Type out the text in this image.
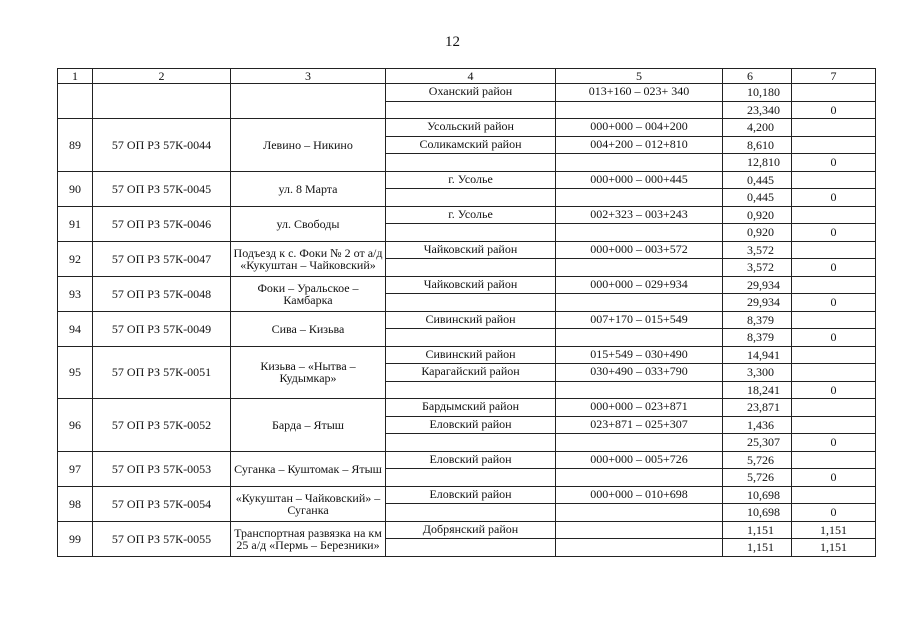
12
1	2	3	4	5	6	7
			Оханский район	013+160 – 023+ 340	10,180	
					23,340	0
89	57 ОП РЗ 57К-0044	Левино – Никино	Усольский район	000+000 – 004+200	4,200	
			Соликамский район	004+200 – 012+810	8,610	
					12,810	0
90	57 ОП РЗ 57К-0045	ул. 8 Марта	г. Усолье	000+000 – 000+445	0,445	
					0,445	0
91	57 ОП РЗ 57К-0046	ул. Свободы	г. Усолье	002+323 – 003+243	0,920	
					0,920	0
92	57 ОП РЗ 57К-0047	Подъезд к с. Фоки № 2 от а/д «Кукуштан – Чайковский»	Чайковский район	000+000 – 003+572	3,572	
					3,572	0
93	57 ОП РЗ 57К-0048	Фоки – Уральское – Камбарка	Чайковский район	000+000 – 029+934	29,934	
					29,934	0
94	57 ОП РЗ 57К-0049	Сива – Кизьва	Сивинский район	007+170 – 015+549	8,379	
					8,379	0
95	57 ОП РЗ 57К-0051	Кизьва – «Нытва – Кудымкар»	Сивинский район	015+549 – 030+490	14,941	
			Карагайский район	030+490 – 033+790	3,300	
					18,241	0
96	57 ОП РЗ 57К-0052	Барда – Ятыш	Бардымский район	000+000 – 023+871	23,871	
			Еловский район	023+871 – 025+307	1,436	
					25,307	0
97	57 ОП РЗ 57К-0053	Суганка – Куштомак – Ятыш	Еловский район	000+000 – 005+726	5,726	
					5,726	0
98	57 ОП РЗ 57К-0054	«Кукуштан – Чайковский» – Суганка	Еловский район	000+000 – 010+698	10,698	
					10,698	0
99	57 ОП РЗ 57К-0055	Транспортная развязка на км 25 а/д «Пермь – Березники»	Добрянский район		1,151	1,151
					1,151	1,151
